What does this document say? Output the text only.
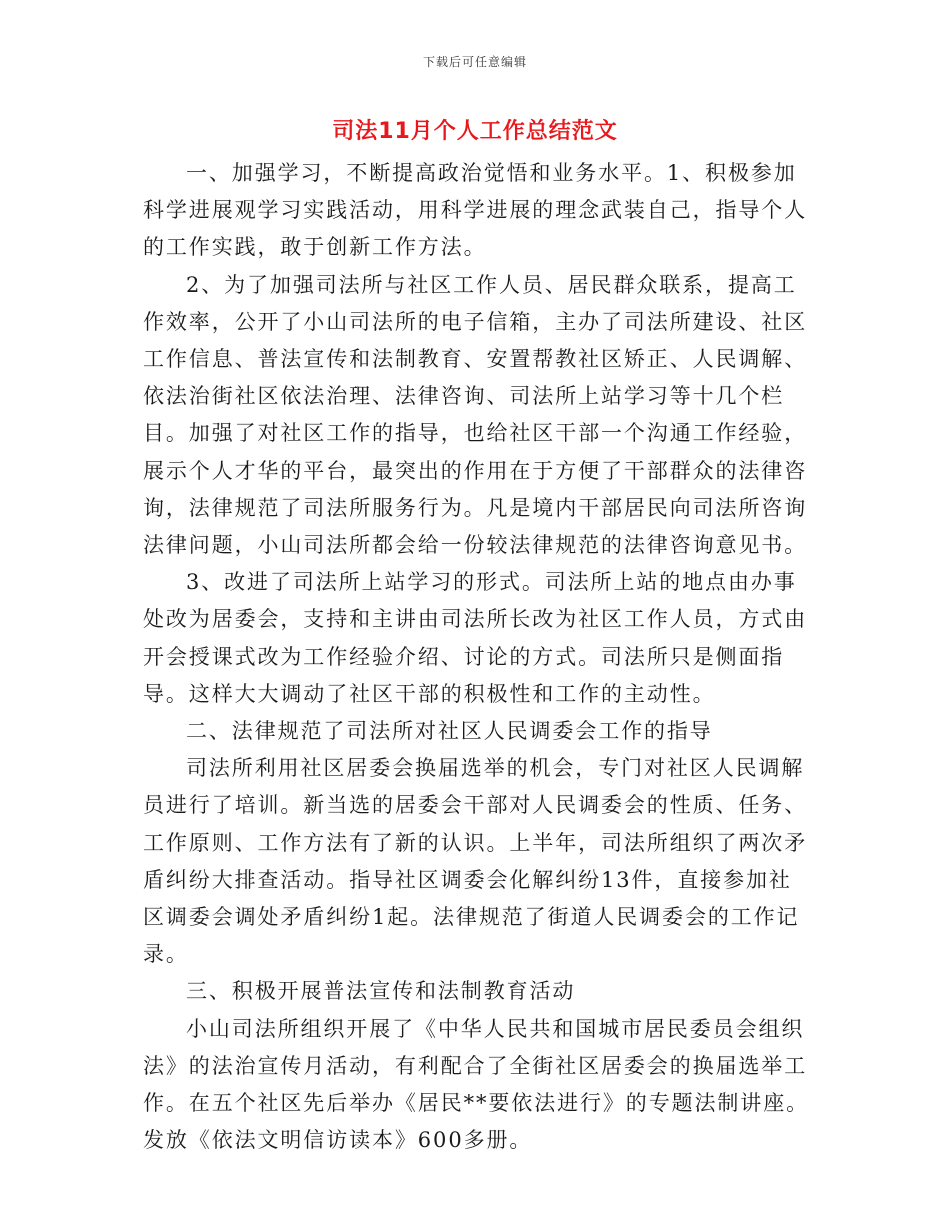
下载后可任意编辑
司法11月个人工作总结范文

一、加强学习，不断提高政治觉悟和业务水平。1、积极参加科学进展观学习实践活动，用科学进展的理念武装自己，指导个人的工作实践，敢于创新工作方法。

2、为了加强司法所与社区工作人员、居民群众联系，提高工作效率，公开了小山司法所的电子信箱，主办了司法所建设、社区工作信息、普法宣传和法制教育、安置帮教社区矫正、人民调解、依法治街社区依法治理、法律咨询、司法所上站学习等十几个栏目。加强了对社区工作的指导，也给社区干部一个沟通工作经验，展示个人才华的平台，最突出的作用在于方便了干部群众的法律咨询，法律规范了司法所服务行为。凡是境内干部居民向司法所咨询法律问题，小山司法所都会给一份较法律规范的法律咨询意见书。

3、改进了司法所上站学习的形式。司法所上站的地点由办事处改为居委会，支持和主讲由司法所长改为社区工作人员，方式由开会授课式改为工作经验介绍、讨论的方式。司法所只是侧面指导。这样大大调动了社区干部的积极性和工作的主动性。

二、法律规范了司法所对社区人民调委会工作的指导

司法所利用社区居委会换届选举的机会，专门对社区人民调解员进行了培训。新当选的居委会干部对人民调委会的性质、任务、工作原则、工作方法有了新的认识。上半年，司法所组织了两次矛盾纠纷大排查活动。指导社区调委会化解纠纷13件，直接参加社区调委会调处矛盾纠纷1起。法律规范了街道人民调委会的工作记录。

三、积极开展普法宣传和法制教育活动

小山司法所组织开展了《中华人民共和国城市居民委员会组织法》的法治宣传月活动，有利配合了全街社区居委会的换届选举工作。在五个社区先后举办《居民**要依法进行》的专题法制讲座。发放《依法文明信访读本》600多册。
